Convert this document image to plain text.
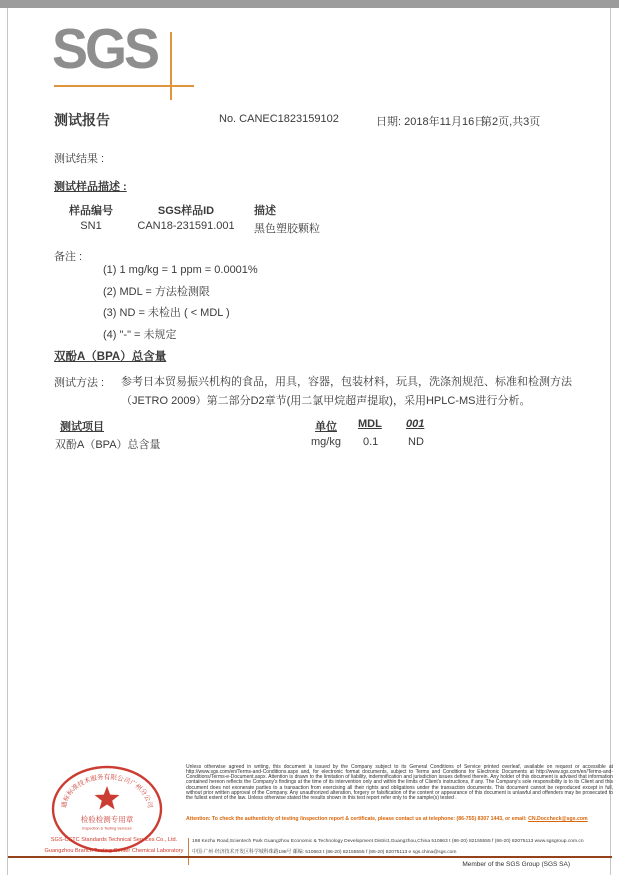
SGS
测试报告	No. CANEC1823159102	日期: 2018年11月16日
第2页,共3页
测试结果 :
测试样品描述 :
样品编号	SGS样品ID	描述
SN1	CAN18-231591.001	黑色塑胶颗粒
备注 :
(1) 1 mg/kg = 1 ppm = 0.0001%
(2) MDL = 方法检测限
(3) ND = 未检出 ( < MDL )
(4) "-" = 未规定
双酚A（BPA）总含量
测试方法 : 参考日本贸易振兴机构的食品，用具，容器，包装材料，玩具，洗涤剂规范、标准和检测方法（JETRO 2009）第二部分D2章节(用二氯甲烷超声提取)，采用HPLC-MS进行分析。
测试项目	单位 MDL 001
双酚A（BPA）总含量	mg/kg 0.1	ND
Unless otherwise agreed in writing, this document is issued by the Company subject to its General Conditions of Service printed overleaf, available on request or accessible at http://www.sgs.com/en/Terms-and-Conditions.aspx and, for electronic format documents, subject to Terms and Conditions for Electronic Documents at http://www.sgs.com/en/Terms-and-Conditions/Terms-e-Document.aspx. Attention is drawn to the limitation of liability, indemnification and jurisdiction issues defined therein. Any holder of this document is advised that information contained hereon reflects the Company's findings at the time of its intervention only and within the limits of Client's instructions, if any. The Company's sole responsibility is to its Client and this document does not exonerate parties to a transaction from exercising all their rights and obligations under the transaction documents. This document cannot be reproduced except in full, without prior written approval of the Company. Any unauthorized alteration, forgery or falsification of the content or appearance of this document is unlawful and offenders may be prosecuted to the fullest extent of the law. Unless otherwise stated the results shown in this test report refer only to the sample(s) tested .
Attention: To check the authenticity of testing /inspection report & certificate, please contact us at telephone: (86-755) 8307 1443, or email: CN.Doccheck@sgs.com
198 Kezhu Road,Scientech Park Guangzhou Economic & Technology Development District,Guangzhou,China 510663 t (86-20) 82155555 f (86-20) 82075113 www.sgsgroup.com.cn
中国·广州·经济技术开发区科学城科珠路198号 邮编: 510663 t (86-20) 82155555 f (86-20) 82075113 e sgs.china@sgs.com
Member of the SGS Group (SGS SA)
SGS-CSTC Standards Technical Services Co., Ltd.
Guangzhou Branch Testing Center Chemical Laboratory
通标标准技术服务有限公司广州分公司
检验检测专用章
Inspection & Testing Services
